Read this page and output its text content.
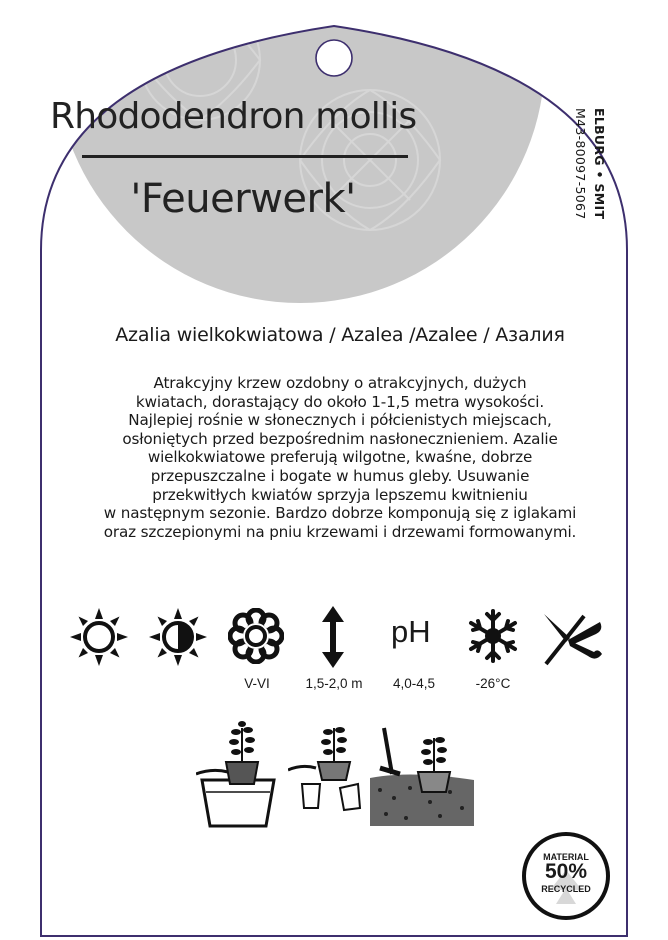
Rhododendron mollis
'Feuerwerk'	ELBURG • SMIT
M43-80097-5067
Azalia wielkokwiatowa / Azalea /Azalee / Азалия
Atrakcyjny krzew ozdobny o atrakcyjnych, dużych
kwiatach, dorastający do około 1-1,5 metra wysokości.
Najlepiej rośnie w słonecznych i półcienistych miejscach,
osłoniętych przed bezpośrednim nasłonecznieniem. Azalie
wielkokwiatowe preferują wilgotne, kwaśne, dobrze
przepuszczalne i bogate w humus gleby. Usuwanie
przekwitłych kwiatów sprzyja lepszemu kwitnieniu
w następnym sezonie. Bardzo dobrze komponują się z iglakami
oraz szczepionymi na pniu krzewami i drzewami formowanymi.
pH
V-VI	1,5-2,0 m	4,0-4,5	-26°C
MATERIAL
50%
RECYCLED
